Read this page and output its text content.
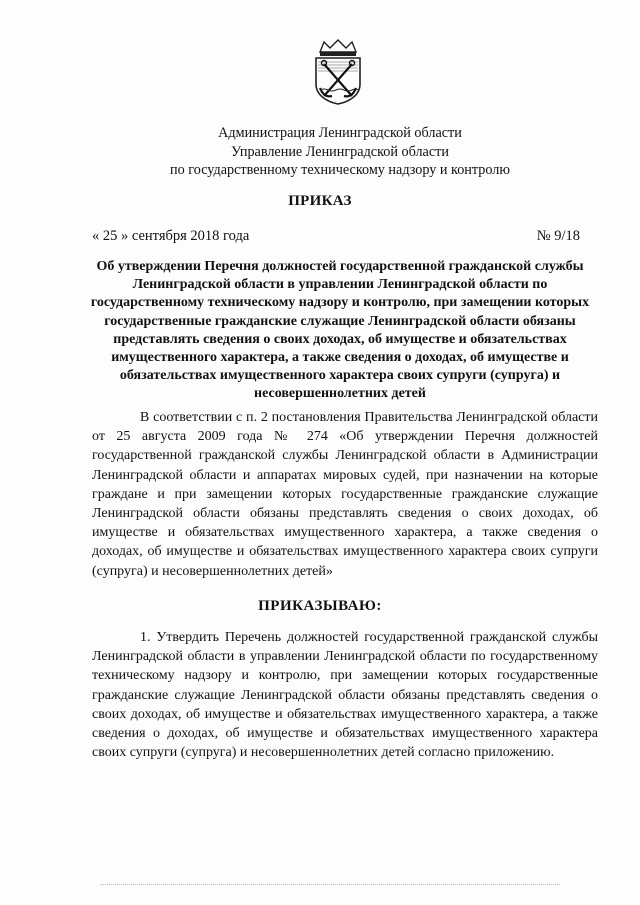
Администрация Ленинградской области
Управление Ленинградской области
по государственному техническому надзору и контролю
ПРИКАЗ
« 25 » сентября 2018 года	№ 9/18
Об утверждении Перечня должностей государственной гражданской службы Ленинградской области в управлении Ленинградской области по государственному техническому надзору и контролю, при замещении которых государственные гражданские служащие Ленинградской области обязаны представлять сведения о своих доходах, об имуществе и обязательствах имущественного характера, а также сведения о доходах, об имуществе и обязательствах имущественного характера своих супруги (супруга) и несовершеннолетних детей
В соответствии с п. 2 постановления Правительства Ленинградской области от 25 августа 2009 года № 274 «Об утверждении Перечня должностей государственной гражданской службы Ленинградской области в Администрации Ленинградской области и аппаратах мировых судей, при назначении на которые граждане и при замещении которых государственные гражданские служащие Ленинградской области обязаны представлять сведения о своих доходах, об имуществе и обязательствах имущественного характера, а также сведения о доходах, об имуществе и обязательствах имущественного характера своих супруги (супруга) и несовершеннолетних детей»
ПРИКАЗЫВАЮ:
1. Утвердить Перечень должностей государственной гражданской службы Ленинградской области в управлении Ленинградской области по государственному техническому надзору и контролю, при замещении которых государственные гражданские служащие Ленинградской области обязаны представлять сведения о своих доходах, об имуществе и обязательствах имущественного характера, а также сведения о доходах, об имуществе и обязательствах имущественного характера своих супруги (супруга) и несовершеннолетних детей согласно приложению.
